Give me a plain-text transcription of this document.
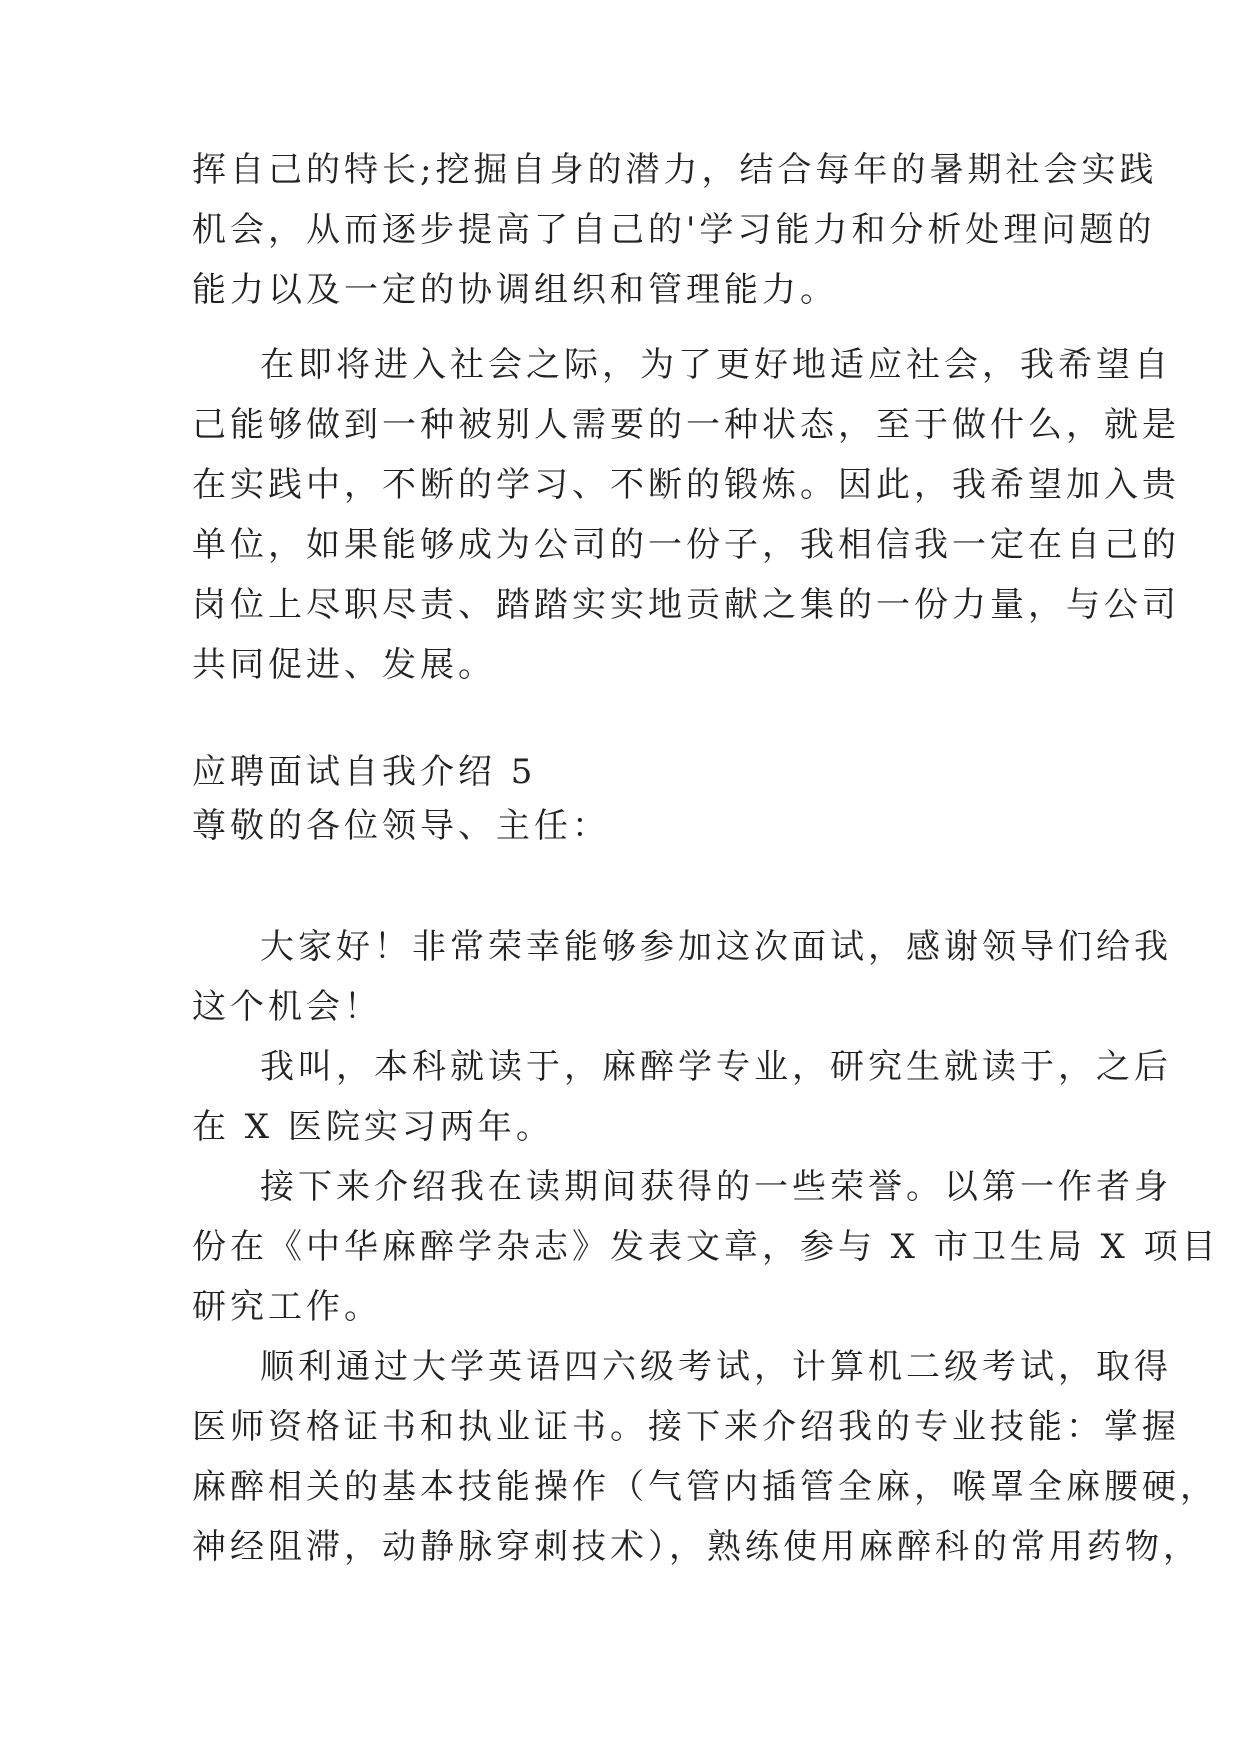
挥自己的特长;挖掘自身的潜力，结合每年的暑期社会实践
机会，从而逐步提高了自己的'学习能力和分析处理问题的
能力以及一定的协调组织和管理能力。
在即将进入社会之际，为了更好地适应社会，我希望自
己能够做到一种被别人需要的一种状态，至于做什么，就是
在实践中，不断的学习、不断的锻炼。因此，我希望加入贵
单位，如果能够成为公司的一份子，我相信我一定在自己的
岗位上尽职尽责、踏踏实实地贡献之集的一份力量，与公司
共同促进、发展。
应聘面试自我介绍 5
尊敬的各位领导、主任：
大家好！非常荣幸能够参加这次面试，感谢领导们给我
这个机会！
我叫，本科就读于，麻醉学专业，研究生就读于，之后
在 X 医院实习两年。
接下来介绍我在读期间获得的一些荣誉。以第一作者身
份在《中华麻醉学杂志》发表文章，参与 X 市卫生局 X 项目
研究工作。
顺利通过大学英语四六级考试，计算机二级考试，取得
医师资格证书和执业证书。接下来介绍我的专业技能：掌握
麻醉相关的基本技能操作（气管内插管全麻，喉罩全麻腰硬，
神经阻滞，动静脉穿刺技术），熟练使用麻醉科的常用药物，
